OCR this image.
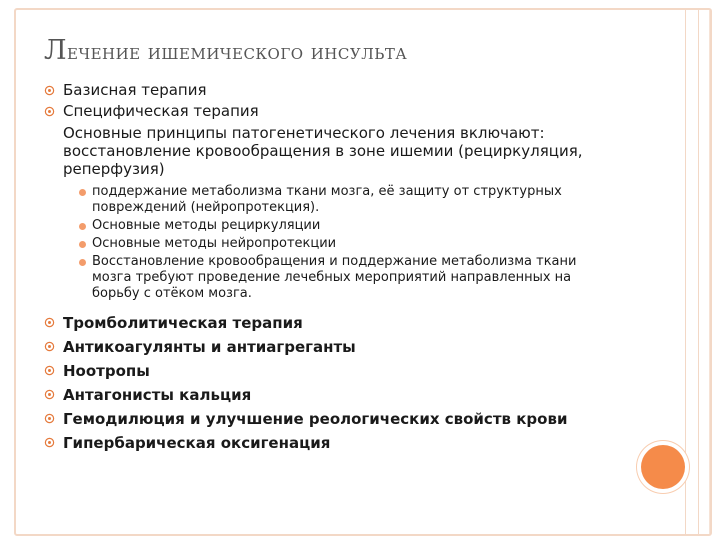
Лечение ишемического инсульта
Базисная терапия
Специфическая терапия
Основные принципы патогенетического лечения включают: восстановление кровообращения в зоне ишемии (рециркуляция, реперфузия)
поддержание метаболизма ткани мозга, её защиту от структурных повреждений (нейропротекция).
Основные методы рециркуляции
Основные методы нейропротекции
Восстановление кровообращения и поддержание метаболизма ткани мозга требуют проведение лечебных мероприятий направленных на борьбу с отёком мозга.
Тромболитическая терапия
Антикоагулянты и антиагреганты
Ноотропы
Антагонисты кальция
Гемодилюция и улучшение реологических свойств крови
Гипербарическая оксигенация
